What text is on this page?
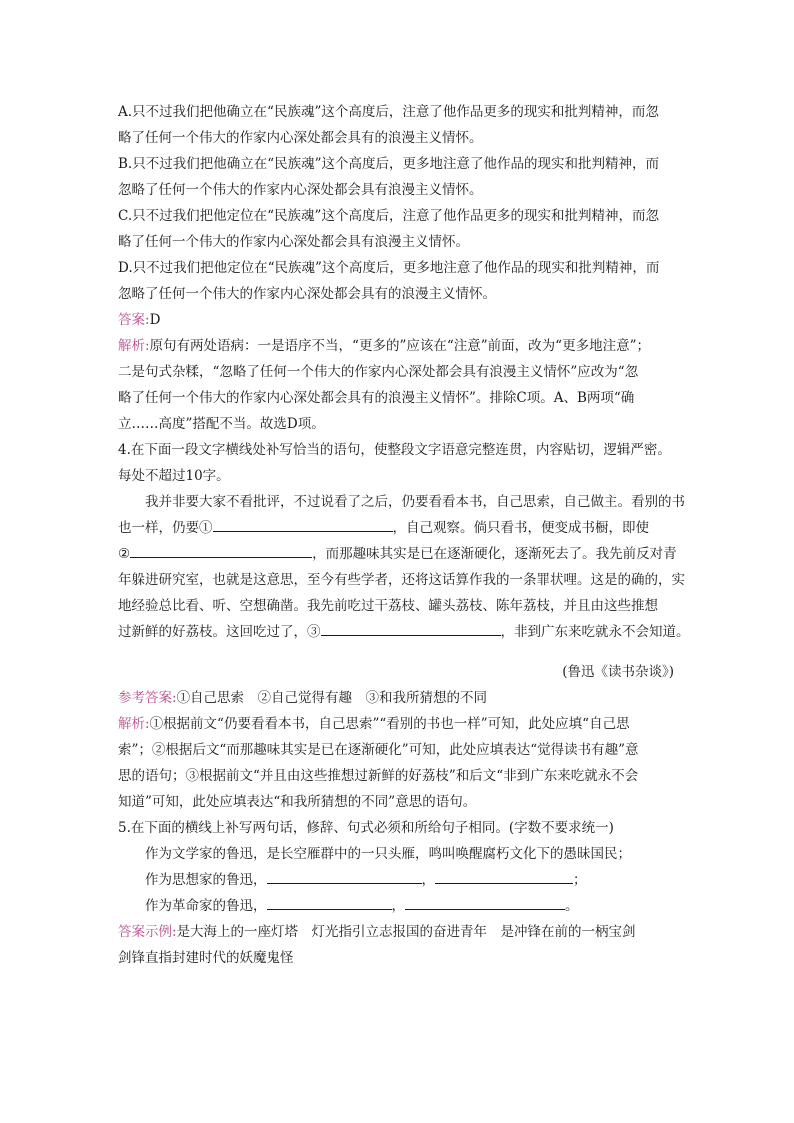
A.只不过我们把他确立在“民族魂”这个高度后，注意了他作品更多的现实和批判精神，而忽
略了任何一个伟大的作家内心深处都会具有的浪漫主义情怀。
B.只不过我们把他确立在“民族魂”这个高度后，更多地注意了他作品的现实和批判精神，而
忽略了任何一个伟大的作家内心深处都会具有浪漫主义情怀。
C.只不过我们把他定位在“民族魂”这个高度后，注意了他作品更多的现实和批判精神，而忽
略了任何一个伟大的作家内心深处都会具有浪漫主义情怀。
D.只不过我们把他定位在“民族魂”这个高度后，更多地注意了他作品的现实和批判精神，而
忽略了任何一个伟大的作家内心深处都会具有的浪漫主义情怀。
答案:D
解析:原句有两处语病：一是语序不当，“更多的”应该在“注意”前面，改为“更多地注意”；
二是句式杂糅，“忽略了任何一个伟大的作家内心深处都会具有浪漫主义情怀”应改为“忽
略了任何一个伟大的作家内心深处都会具有的浪漫主义情怀”。排除C项。A、B两项“确
立……高度”搭配不当。故选D项。
4.在下面一段文字横线处补写恰当的语句，使整段文字语意完整连贯，内容贴切，逻辑严密。
每处不超过10字。
我并非要大家不看批评，不过说看了之后，仍要看看本书，自己思索，自己做主。看别的书
也一样，仍要①	，自己观察。倘只看书，便变成书橱，即使
②	，而那趣味其实是已在逐渐硬化，逐渐死去了。我先前反对青
年躲进研究室，也就是这意思，至今有些学者，还将这话算作我的一条罪状哩。这是的确的，实
地经验总比看、听、空想确凿。我先前吃过干荔枝、罐头荔枝、陈年荔枝，并且由这些推想
过新鲜的好荔枝。这回吃过了，③	，非到广东来吃就永不会知道。
(鲁迅《读书杂谈》)
参考答案:①自己思索　②自己觉得有趣　③和我所猜想的不同
解析:①根据前文“仍要看看本书，自己思索”“看别的书也一样”可知，此处应填“自己思
索”；②根据后文“而那趣味其实是已在逐渐硬化”可知，此处应填表达“觉得读书有趣”意
思的语句；③根据前文“并且由这些推想过新鲜的好荔枝”和后文“非到广东来吃就永不会
知道”可知，此处应填表达“和我所猜想的不同”意思的语句。
5.在下面的横线上补写两句话，修辞、句式必须和所给句子相同。(字数不要求统一)
作为文学家的鲁迅，是长空雁群中的一只头雁，鸣叫唤醒腐朽文化下的愚昧国民；
作为思想家的鲁迅，	，	；
作为革命家的鲁迅，	，	。
答案示例:是大海上的一座灯塔　灯光指引立志报国的奋进青年　是冲锋在前的一柄宝剑
剑锋直指封建时代的妖魔鬼怪
